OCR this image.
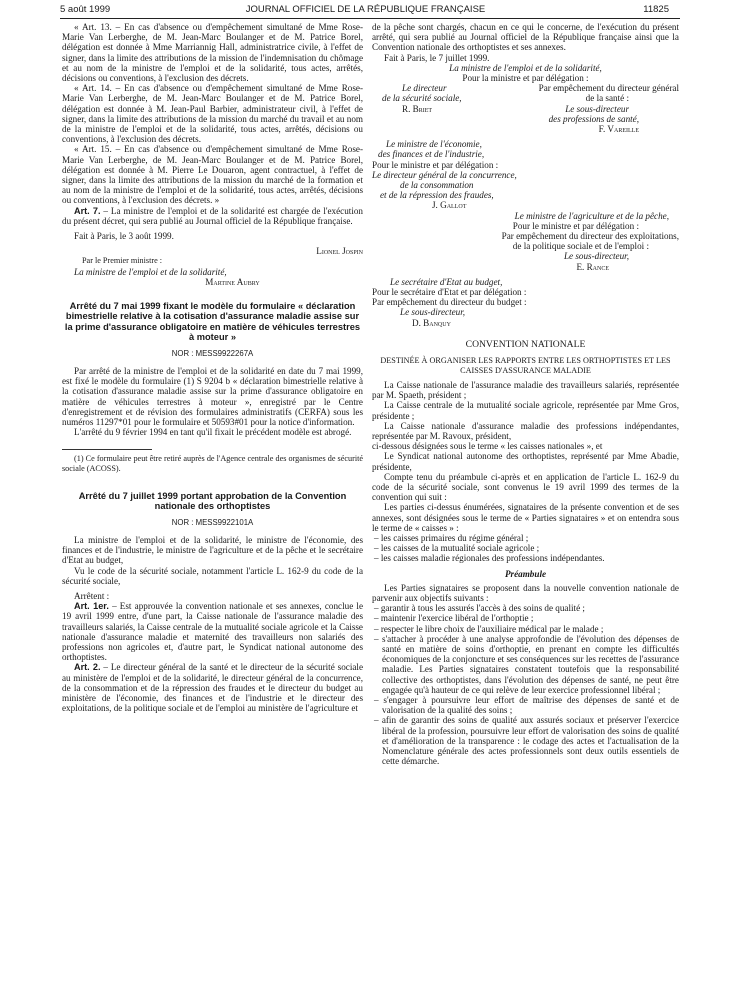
5 août 1999	JOURNAL OFFICIEL DE LA RÉPUBLIQUE FRANÇAISE	11825

« Art. 13. – En cas d'absence ou d'empêchement simultané de Mme Rose-Marie Van Lerberghe, de M. Jean-Marc Boulanger et de M. Patrice Borel, délégation est donnée à Mme Marriannig Hall, administratrice civile, à l'effet de signer, dans la limite des attributions de la mission de l'indemnisation du chômage et au nom de la ministre de l'emploi et de la solidarité, tous actes, arrêtés, décisions ou conventions, à l'exclusion des décrets.

« Art. 14. – En cas d'absence ou d'empêchement simultané de Mme Rose-Marie Van Lerberghe, de M. Jean-Marc Boulanger et de M. Patrice Borel, délégation est donnée à M. Jean-Paul Barbier, administrateur civil, à l'effet de signer, dans la limite des attributions de la mission du marché du travail et au nom de la ministre de l'emploi et de la solidarité, tous actes, arrêtés, décisions ou conventions, à l'exclusion des décrets.

« Art. 15. – En cas d'absence ou d'empêchement simultané de Mme Rose-Marie Van Lerberghe, de M. Jean-Marc Boulanger et de M. Patrice Borel, délégation est donnée à M. Pierre Le Douaron, agent contractuel, à l'effet de signer, dans la limite des attributions de la mission du marché de la formation et au nom de la ministre de l'emploi et de la solidarité, tous actes, arrêtés, décisions ou conventions, à l'exclusion des décrets. »

Art. 7. – La ministre de l'emploi et de la solidarité est chargée de l'exécution du présent décret, qui sera publié au Journal officiel de la République française.

Fait à Paris, le 3 août 1999.

Lionel Jospin

Par le Premier ministre :

La ministre de l'emploi et de la solidarité,

Martine Aubry

Arrêté du 7 mai 1999 fixant le modèle du formulaire « déclaration bimestrielle relative à la cotisation d'assurance maladie assise sur la prime d'assurance obligatoire en matière de véhicules terrestres à moteur »
NOR : MESS9922267A

Par arrêté de la ministre de l'emploi et de la solidarité en date du 7 mai 1999, est fixé le modèle du formulaire (1) S 9204 b « déclaration bimestrielle relative à la cotisation d'assurance maladie assise sur la prime d'assurance obligatoire en matière de véhicules terrestres à moteur », enregistré par le Centre d'enregistrement et de révision des formulaires administratifs (CERFA) sous les numéros 11297*01 pour le formulaire et 50593#01 pour la notice d'information.

L'arrêté du 9 février 1994 en tant qu'il fixait le précédent modèle est abrogé.

(1) Ce formulaire peut être retiré auprès de l'Agence centrale des organismes de sécurité sociale (ACOSS).

Arrêté du 7 juillet 1999 portant approbation de la Convention nationale des orthoptistes
NOR : MESS9922101A

La ministre de l'emploi et de la solidarité, le ministre de l'économie, des finances et de l'industrie, le ministre de l'agriculture et de la pêche et le secrétaire d'Etat au budget,

Vu le code de la sécurité sociale, notamment l'article L. 162-9 du code de la sécurité sociale,

Arrêtent :

Art. 1er. – Est approuvée la convention nationale et ses annexes, conclue le 19 avril 1999 entre, d'une part, la Caisse nationale de l'assurance maladie des travailleurs salariés, la Caisse centrale de la mutualité sociale agricole et la Caisse nationale d'assurance maladie et maternité des travailleurs non salariés des professions non agricoles et, d'autre part, le Syndicat national autonome des orthoptistes.

Art. 2. – Le directeur général de la santé et le directeur de la sécurité sociale au ministère de l'emploi et de la solidarité, le directeur général de la concurrence, de la consommation et de la répression des fraudes et le directeur du budget au ministère de l'économie, des finances et de l'industrie et le directeur des exploitations, de la politique sociale et de l'emploi au ministère de l'agriculture et

de la pêche sont chargés, chacun en ce qui le concerne, de l'exécution du présent arrêté, qui sera publié au Journal officiel de la République française ainsi que la Convention nationale des orthoptistes et ses annexes.

Fait à Paris, le 7 juillet 1999.

La ministre de l'emploi et de la solidarité,

Pour la ministre et par délégation :

Le directeur	Par empêchement du directeur général
de la sécurité sociale,	de la santé :
R. Briet	Le sous-directeur

des professions de santé,

F. Vareille

Le ministre de l'économie,

des finances et de l'industrie,

Pour le ministre et par délégation :

Le directeur général de la concurrence,

de la consommation

et de la répression des fraudes,

J. Gallot

Le ministre de l'agriculture et de la pêche,

Pour le ministre et par délégation :

Par empêchement du directeur des exploitations,

de la politique sociale et de l'emploi :

Le sous-directeur,

E. Rance

Le secrétaire d'Etat au budget,

Pour le secrétaire d'Etat et par délégation :

Par empêchement du directeur du budget :

Le sous-directeur,

D. Banquy

CONVENTION NATIONALE
DESTINÉE À ORGANISER LES RAPPORTS ENTRE LES ORTHOPTISTES ET LES CAISSES D'ASSURANCE MALADIE

La Caisse nationale de l'assurance maladie des travailleurs salariés, représentée par M. Spaeth, président ;

La Caisse centrale de la mutualité sociale agricole, représentée par Mme Gros, présidente ;

La Caisse nationale d'assurance maladie des professions indépendantes, représentée par M. Ravoux, président,

ci-dessous désignées sous le terme « les caisses nationales », et

Le Syndicat national autonome des orthoptistes, représenté par Mme Abadie, présidente,

Compte tenu du préambule ci-après et en application de l'article L. 162-9 du code de la sécurité sociale, sont convenus le 19 avril 1999 des termes de la convention qui suit :

Les parties ci-dessus énumérées, signataires de la présente convention et de ses annexes, sont désignées sous le terme de « Parties signataires » et on entendra sous le terme de « caisses » :

– les caisses primaires du régime général ;
– les caisses de la mutualité sociale agricole ;
– les caisses maladie régionales des professions indépendantes.
Préambule

Les Parties signataires se proposent dans la nouvelle convention nationale de parvenir aux objectifs suivants :

– garantir à tous les assurés l'accès à des soins de qualité ;
– maintenir l'exercice libéral de l'orthoptie ;
– respecter le libre choix de l'auxiliaire médical par le malade ;
– s'attacher à procéder à une analyse approfondie de l'évolution des dépenses de santé en matière de soins d'orthoptie, en prenant en compte les difficultés économiques de la conjoncture et ses conséquences sur les recettes de l'assurance maladie. Les Parties signataires constatent toutefois que la responsabilité collective des orthoptistes, dans l'évolution des dépenses de santé, ne peut être engagée qu'à hauteur de ce qui relève de leur exercice professionnel libéral ;
– s'engager à poursuivre leur effort de maîtrise des dépenses de santé et de valorisation de la qualité des soins ;
– afin de garantir des soins de qualité aux assurés sociaux et préserver l'exercice libéral de la profession, poursuivre leur effort de valorisation des soins de qualité et d'amélioration de la transparence : le codage des actes et l'actualisation de la Nomenclature générale des actes professionnels sont deux outils essentiels de cette démarche.
